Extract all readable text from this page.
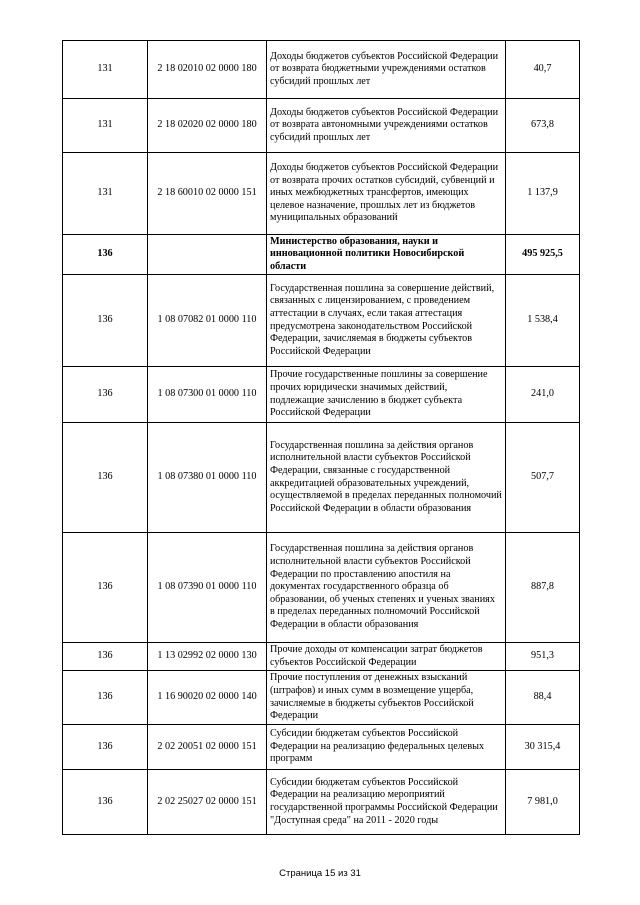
131	2 18 02010 02 0000 180	Доходы бюджетов субъектов Российской Федерации от возврата бюджетными учреждениями остатков субсидий прошлых лет	40,7
131	2 18 02020 02 0000 180	Доходы бюджетов субъектов Российской Федерации от возврата автономными учреждениями остатков субсидий прошлых лет	673,8
131	2 18 60010 02 0000 151	Доходы бюджетов субъектов Российской Федерации от возврата прочих остатков субсидий, субвенций и иных межбюджетных трансфертов, имеющих целевое назначение, прошлых лет из бюджетов муниципальных образований	1 137,9
136		Министерство образования, науки и инновационной политики Новосибирской области	495 925,5
136	1 08 07082 01 0000 110	Государственная пошлина за совершение действий, связанных с лицензированием, с проведением аттестации в случаях, если такая аттестация предусмотрена законодательством Российской Федерации, зачисляемая в бюджеты субъектов Российской Федерации	1 538,4
136	1 08 07300 01 0000 110	Прочие государственные пошлины за совершение прочих юридически значимых действий, подлежащие зачислению в бюджет субъекта Российской Федерации	241,0
136	1 08 07380 01 0000 110	Государственная пошлина за действия органов исполнительной власти субъектов Российской Федерации, связанные с государственной аккредитацией образовательных учреждений, осуществляемой в пределах переданных полномочий Российской Федерации в области образования	507,7
136	1 08 07390 01 0000 110	Государственная пошлина за действия органов исполнительной власти субъектов Российской Федерации по проставлению апостиля на документах государственного образца об образовании, об ученых степенях и ученых званиях в пределах переданных полномочий Российской Федерации в области образования	887,8
136	1 13 02992 02 0000 130	Прочие доходы от компенсации затрат бюджетов субъектов Российской Федерации	951,3
136	1 16 90020 02 0000 140	Прочие поступления от денежных взысканий (штрафов) и иных сумм в возмещение ущерба, зачисляемые в бюджеты субъектов Российской Федерации	88,4
136	2 02 20051 02 0000 151	Субсидии бюджетам субъектов Российской Федерации на реализацию федеральных целевых программ	30 315,4
136	2 02 25027 02 0000 151	Субсидии бюджетам субъектов Российской Федерации на реализацию мероприятий государственной программы Российской Федерации "Доступная среда" на 2011 - 2020 годы	7 981,0
Страница 15 из 31
